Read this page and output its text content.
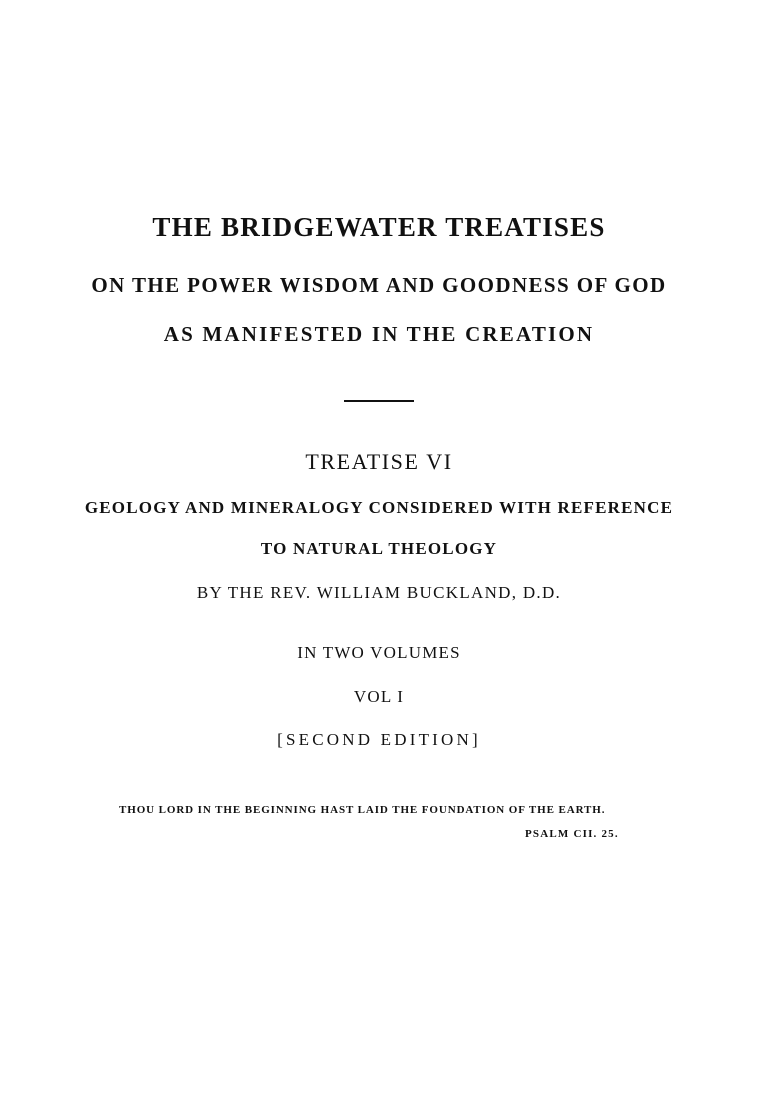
THE BRIDGEWATER TREATISES
ON THE POWER WISDOM AND GOODNESS OF GOD
AS MANIFESTED IN THE CREATION
TREATISE VI
GEOLOGY AND MINERALOGY CONSIDERED WITH REFERENCE
TO NATURAL THEOLOGY
BY THE REV. WILLIAM BUCKLAND, D.D.
IN TWO VOLUMES
VOL I
[SECOND EDITION]
THOU LORD IN THE BEGINNING HAST LAID THE FOUNDATION OF THE EARTH.
PSALM CII. 25.
